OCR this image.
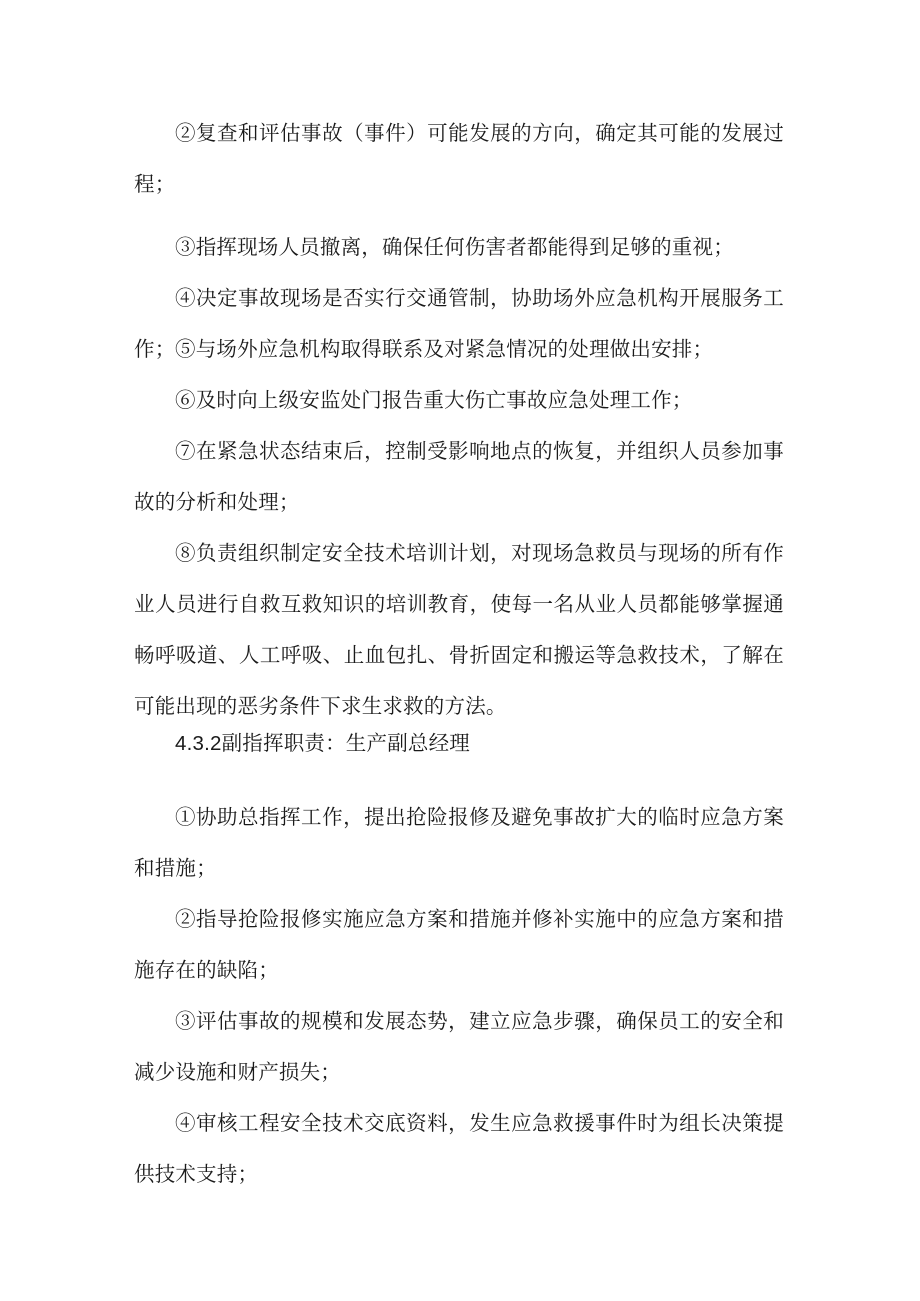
②复查和评估事故（事件）可能发展的方向，确定其可能的发展过程；

③指挥现场人员撤离，确保任何伤害者都能得到足够的重视；

④决定事故现场是否实行交通管制，协助场外应急机构开展服务工作； ⑤与场外应急机构取得联系及对紧急情况的处理做出安排；

⑥及时向上级安监处门报告重大伤亡事故应急处理工作；

⑦在紧急状态结束后，控制受影响地点的恢复，并组织人员参加事故的分析和处理；

⑧负责组织制定安全技术培训计划，对现场急救员与现场的所有作业人员进行自救互救知识的培训教育，使每一名从业人员都能够掌握通畅呼吸道、人工呼吸、止血包扎、骨折固定和搬运等急救技术，了解在可能出现的恶劣条件下求生求救的方法。

4.3.2副指挥职责：生产副总经理

①协助总指挥工作，提出抢险报修及避免事故扩大的临时应急方案和措施；

②指导抢险报修实施应急方案和措施并修补实施中的应急方案和措施存在的缺陷；

③评估事故的规模和发展态势，建立应急步骤，确保员工的安全和减少设施和财产损失；

④审核工程安全技术交底资料，发生应急救援事件时为组长决策提供技术支持；
